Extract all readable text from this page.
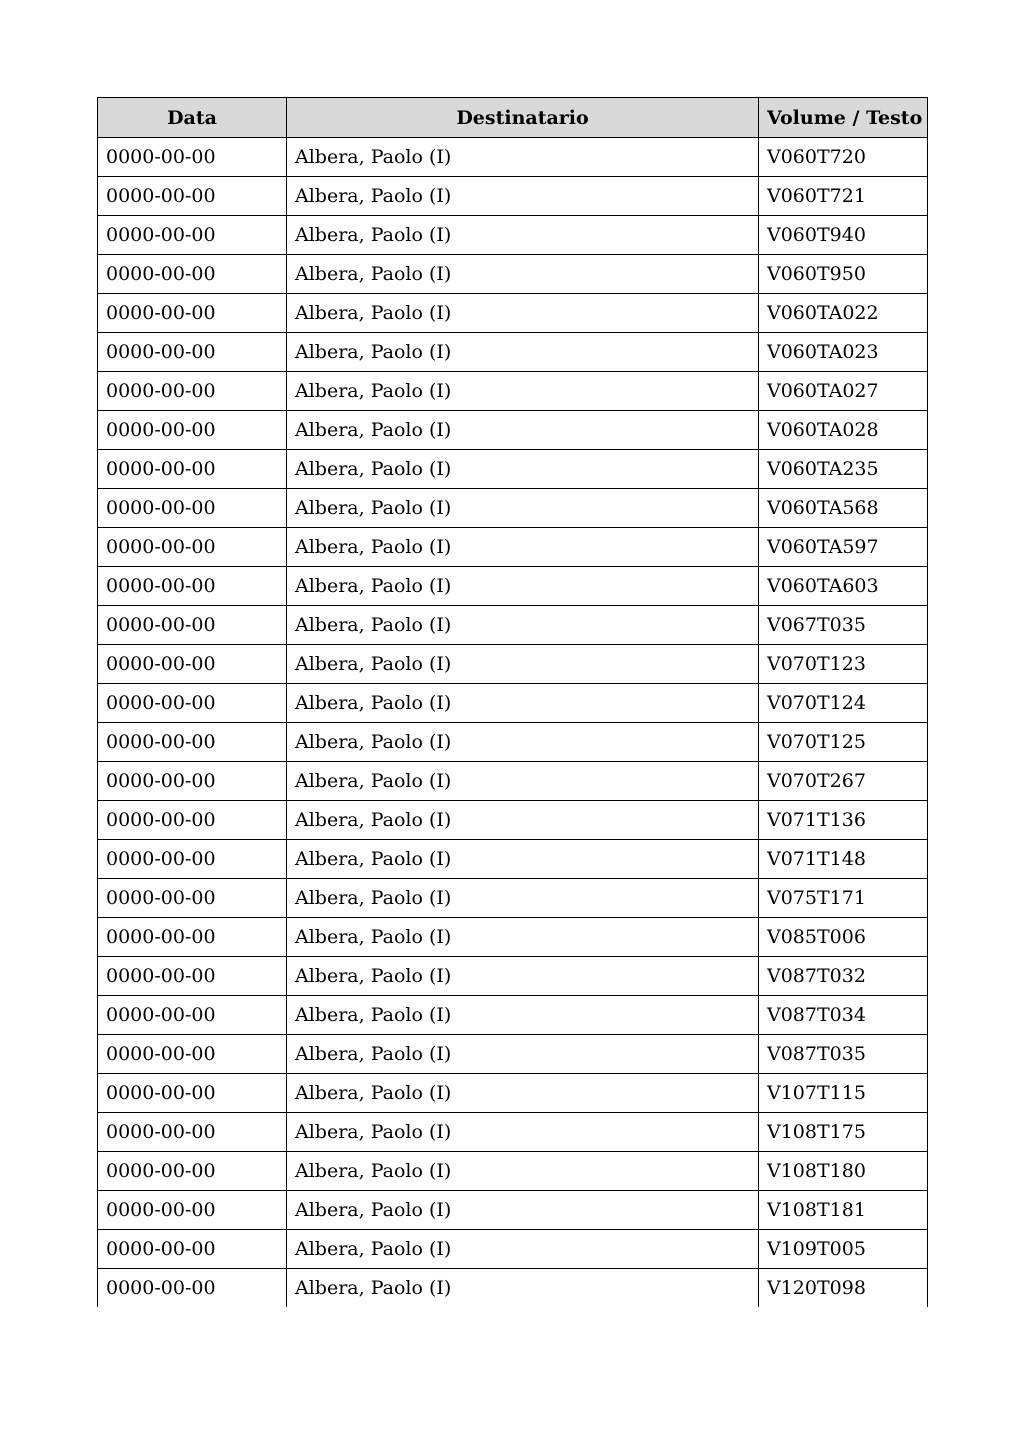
Data	Destinatario	Volume / Testo
0000-00-00	Albera, Paolo (I)	V060T720
0000-00-00	Albera, Paolo (I)	V060T721
0000-00-00	Albera, Paolo (I)	V060T940
0000-00-00	Albera, Paolo (I)	V060T950
0000-00-00	Albera, Paolo (I)	V060TA022
0000-00-00	Albera, Paolo (I)	V060TA023
0000-00-00	Albera, Paolo (I)	V060TA027
0000-00-00	Albera, Paolo (I)	V060TA028
0000-00-00	Albera, Paolo (I)	V060TA235
0000-00-00	Albera, Paolo (I)	V060TA568
0000-00-00	Albera, Paolo (I)	V060TA597
0000-00-00	Albera, Paolo (I)	V060TA603
0000-00-00	Albera, Paolo (I)	V067T035
0000-00-00	Albera, Paolo (I)	V070T123
0000-00-00	Albera, Paolo (I)	V070T124
0000-00-00	Albera, Paolo (I)	V070T125
0000-00-00	Albera, Paolo (I)	V070T267
0000-00-00	Albera, Paolo (I)	V071T136
0000-00-00	Albera, Paolo (I)	V071T148
0000-00-00	Albera, Paolo (I)	V075T171
0000-00-00	Albera, Paolo (I)	V085T006
0000-00-00	Albera, Paolo (I)	V087T032
0000-00-00	Albera, Paolo (I)	V087T034
0000-00-00	Albera, Paolo (I)	V087T035
0000-00-00	Albera, Paolo (I)	V107T115
0000-00-00	Albera, Paolo (I)	V108T175
0000-00-00	Albera, Paolo (I)	V108T180
0000-00-00	Albera, Paolo (I)	V108T181
0000-00-00	Albera, Paolo (I)	V109T005
0000-00-00	Albera, Paolo (I)	V120T098
